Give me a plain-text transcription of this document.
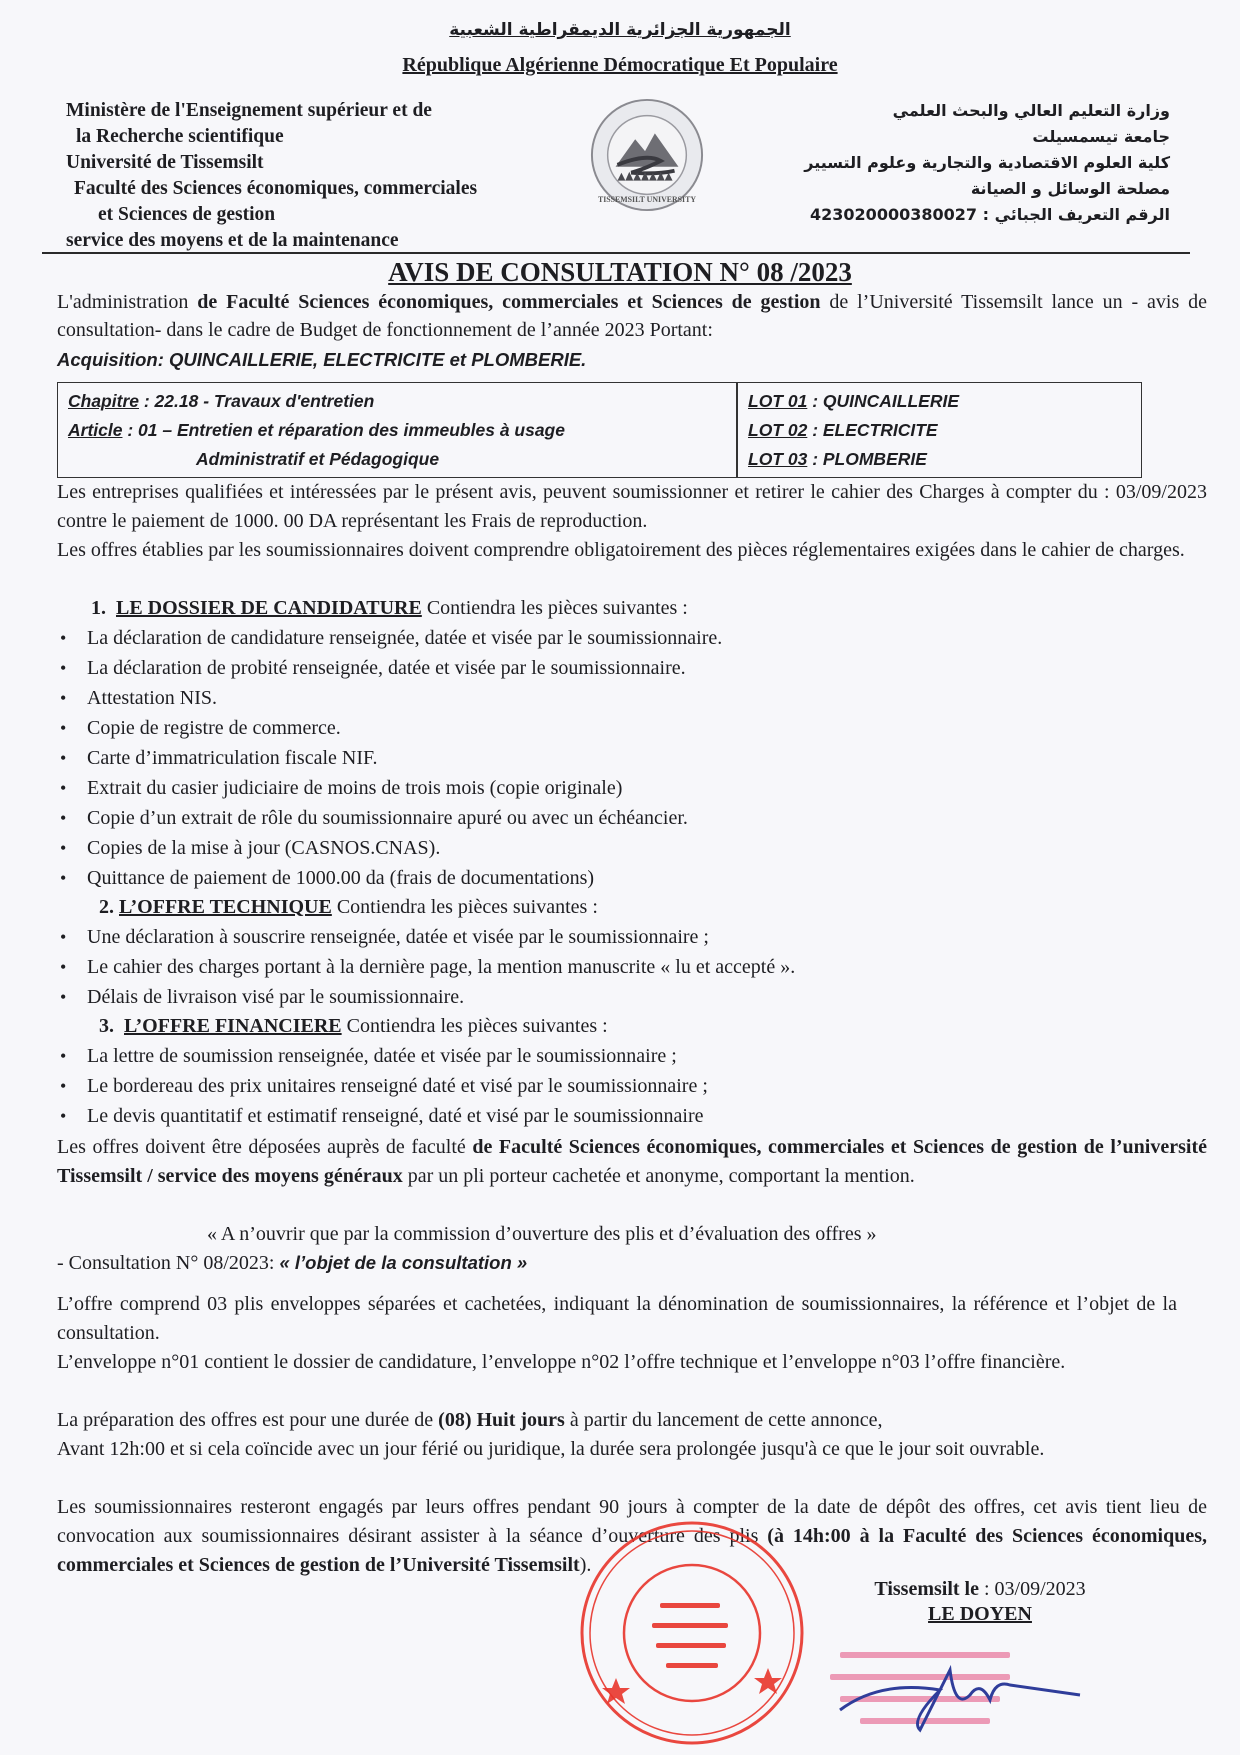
الجمهورية الجزائرية الديمقراطية الشعبية
République Algérienne Démocratique Et Populaire
Ministère de l'Enseignement supérieur et de
la Recherche scientifique
Université de Tissemsilt
Faculté des Sciences économiques, commerciales
et Sciences de gestion
service des moyens et de la maintenance
TISSEMSILT UNIVERSITY
وزارة التعليم العالي والبحث العلمي
جامعة تيسمسيلت
كلية العلوم الاقتصادية والتجارية وعلوم التسيير
مصلحة الوسائل و الصيانة
الرقم التعريف الجبائي : 423020000380027
AVIS DE CONSULTATION N° 08 /2023
L'administration de Faculté Sciences économiques, commerciales et Sciences de gestion de l’Université Tissemsilt lance un - avis de consultation- dans le cadre de Budget de fonctionnement de l’année 2023 Portant:
Acquisition: QUINCAILLERIE, ELECTRICITE et PLOMBERIE.
Chapitre : 22.18 - Travaux d'entretien
Article : 01 – Entretien et réparation des immeubles à usage
Administratif et Pédagogique
LOT 01 : QUINCAILLERIE
LOT 02 : ELECTRICITE
LOT 03 : PLOMBERIE
Les entreprises qualifiées et intéressées par le présent avis, peuvent soumissionner et retirer le cahier des Charges à compter du : 03/09/2023 contre le paiement de 1000. 00 DA représentant les Frais de reproduction.
Les offres établies par les soumissionnaires doivent comprendre obligatoirement des pièces réglementaires exigées dans le cahier de charges.
1. LE DOSSIER DE CANDIDATURE Contiendra les pièces suivantes :
• La déclaration de candidature renseignée, datée et visée par le soumissionnaire.
• La déclaration de probité renseignée, datée et visée par le soumissionnaire.
• Attestation NIS.
• Copie de registre de commerce.
• Carte d’immatriculation fiscale NIF.
• Extrait du casier judiciaire de moins de trois mois (copie originale)
• Copie d’un extrait de rôle du soumissionnaire apuré ou avec un échéancier.
• Copies de la mise à jour (CASNOS.CNAS).
• Quittance de paiement de 1000.00 da (frais de documentations)
2. L’OFFRE TECHNIQUE Contiendra les pièces suivantes :
• Une déclaration à souscrire renseignée, datée et visée par le soumissionnaire ;
• Le cahier des charges portant à la dernière page, la mention manuscrite « lu et accepté ».
• Délais de livraison visé par le soumissionnaire.
3. L’OFFRE FINANCIERE Contiendra les pièces suivantes :
• La lettre de soumission renseignée, datée et visée par le soumissionnaire ;
• Le bordereau des prix unitaires renseigné daté et visé par le soumissionnaire ;
• Le devis quantitatif et estimatif renseigné, daté et visé par le soumissionnaire
Les offres doivent être déposées auprès de faculté de Faculté Sciences économiques, commerciales et Sciences de gestion de l’université Tissemsilt / service des moyens généraux par un pli porteur cachetée et anonyme, comportant la mention.
« A n’ouvrir que par la commission d’ouverture des plis et d’évaluation des offres »
- Consultation N° 08/2023: « l’objet de la consultation »
L’offre comprend 03 plis enveloppes séparées et cachetées, indiquant la dénomination de soumissionnaires, la référence et l’objet de la consultation.
L’enveloppe n°01 contient le dossier de candidature, l’enveloppe n°02 l’offre technique et l’enveloppe n°03 l’offre financière.
La préparation des offres est pour une durée de (08) Huit jours à partir du lancement de cette annonce,
Avant 12h:00 et si cela coïncide avec un jour férié ou juridique, la durée sera prolongée jusqu'à ce que le jour soit ouvrable.
Les soumissionnaires resteront engagés par leurs offres pendant 90 jours à compter de la date de dépôt des offres, cet avis tient lieu de convocation aux soumissionnaires désirant assister à la séance d’ouverture des plis (à 14h:00 à la Faculté des Sciences économiques, commerciales et Sciences de gestion de l’Université Tissemsilt).
Tissemsilt le : 03/09/2023
LE DOYEN
